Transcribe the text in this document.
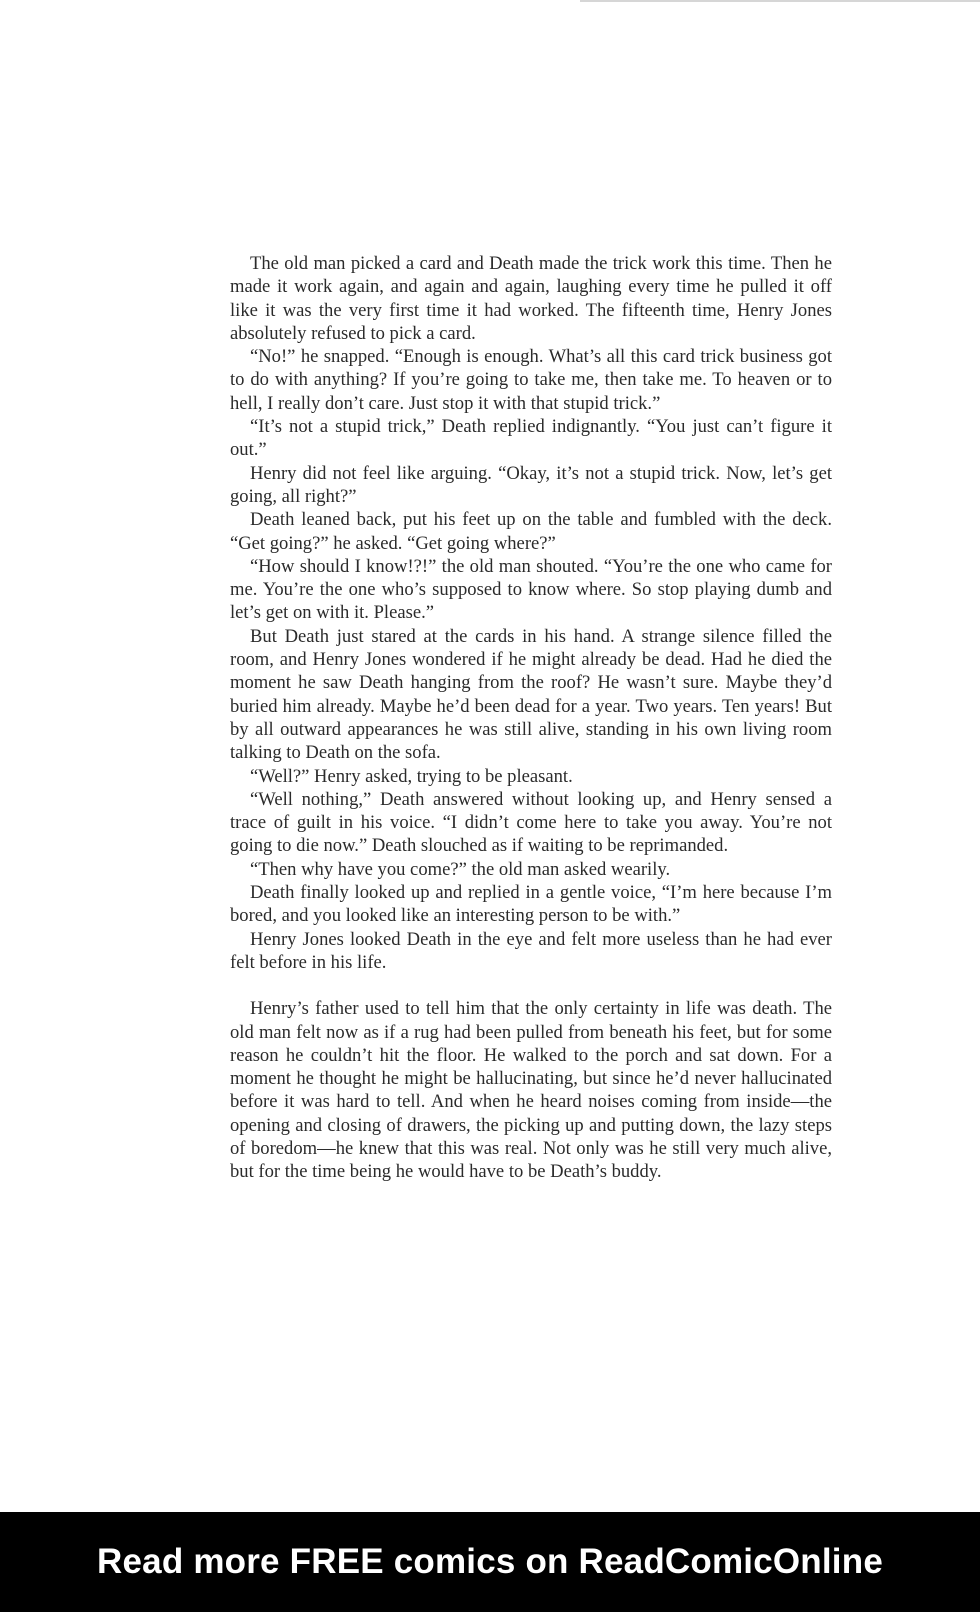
The old man picked a card and Death made the trick work this time. Then he made it work again, and again and again, laughing every time he pulled it off like it was the very first time it had worked. The fifteenth time, Henry Jones absolutely refused to pick a card.

“No!” he snapped. “Enough is enough. What’s all this card trick business got to do with anything? If you’re going to take me, then take me. To heaven or to hell, I really don’t care. Just stop it with that stupid trick.”

“It’s not a stupid trick,” Death replied indignantly. “You just can’t figure it out.”

Henry did not feel like arguing. “Okay, it’s not a stupid trick. Now, let’s get going, all right?”

Death leaned back, put his feet up on the table and fumbled with the deck. “Get going?” he asked. “Get going where?”

“How should I know!?!” the old man shouted. “You’re the one who came for me. You’re the one who’s supposed to know where. So stop playing dumb and let’s get on with it. Please.”

But Death just stared at the cards in his hand. A strange silence filled the room, and Henry Jones wondered if he might already be dead. Had he died the moment he saw Death hanging from the roof? He wasn’t sure. Maybe they’d buried him already. Maybe he’d been dead for a year. Two years. Ten years! But by all outward appearances he was still alive, standing in his own living room talking to Death on the sofa.

“Well?” Henry asked, trying to be pleasant.

“Well nothing,” Death answered without looking up, and Henry sensed a trace of guilt in his voice. “I didn’t come here to take you away. You’re not going to die now.” Death slouched as if waiting to be reprimanded.

“Then why have you come?” the old man asked wearily.

Death finally looked up and replied in a gentle voice, “I’m here because I’m bored, and you looked like an interesting person to be with.”

Henry Jones looked Death in the eye and felt more useless than he had ever felt before in his life.

Henry’s father used to tell him that the only certainty in life was death. The old man felt now as if a rug had been pulled from beneath his feet, but for some reason he couldn’t hit the floor. He walked to the porch and sat down. For a moment he thought he might be hallucinating, but since he’d never hallucinated before it was hard to tell. And when he heard noises coming from inside—the opening and closing of drawers, the picking up and putting down, the lazy steps of boredom—he knew that this was real. Not only was he still very much alive, but for the time being he would have to be Death’s buddy.

Read more FREE comics on ReadComicOnline
